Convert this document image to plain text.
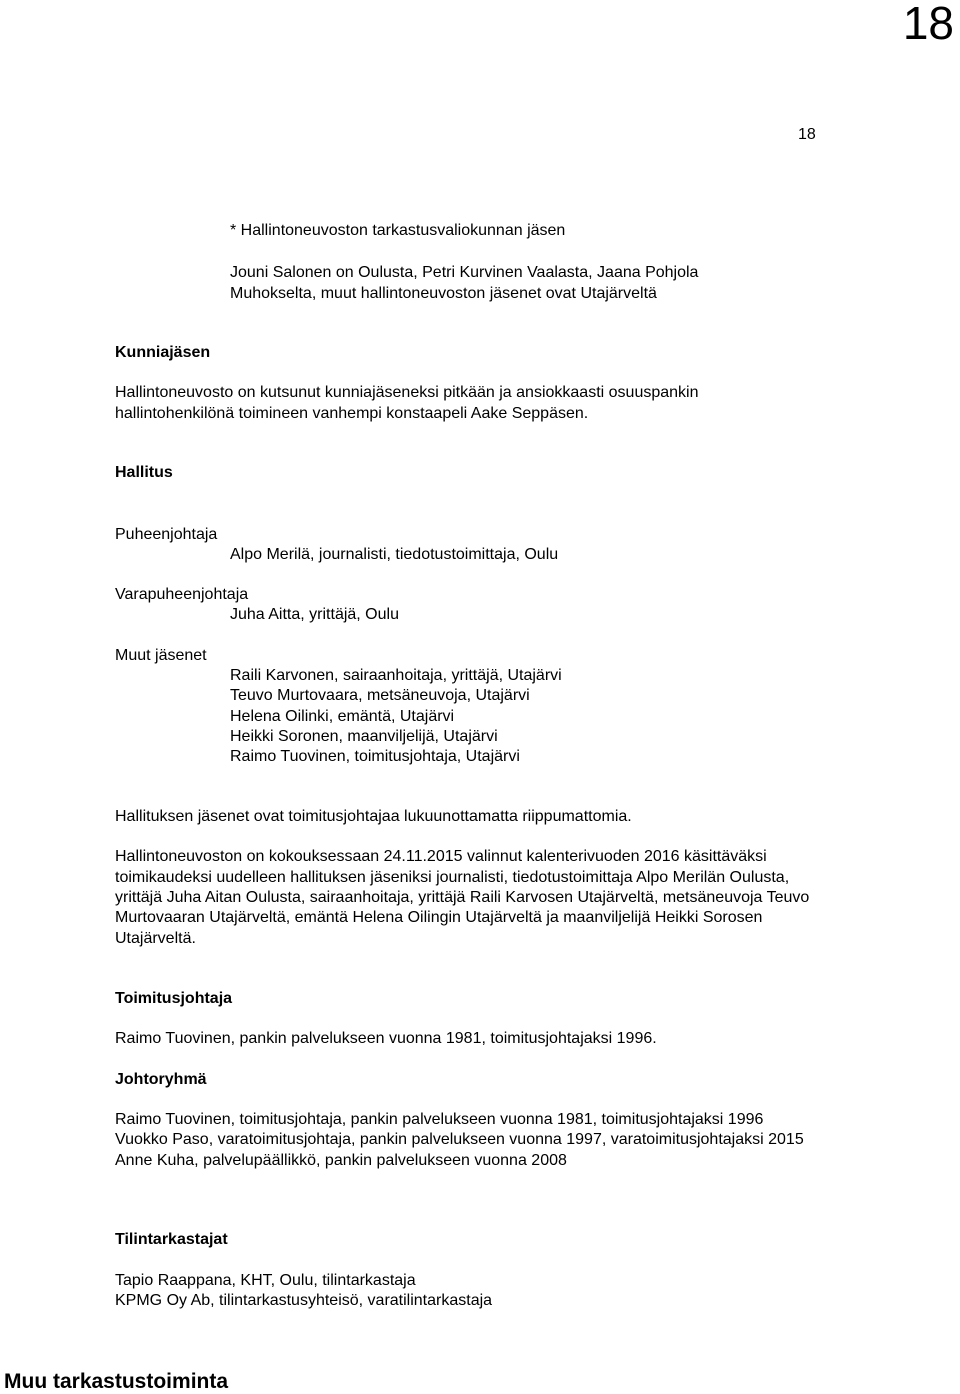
18
18
* Hallintoneuvoston tarkastusvaliokunnan jäsen
Jouni Salonen on Oulusta, Petri Kurvinen Vaalasta, Jaana Pohjola
Muhokselta, muut hallintoneuvoston jäsenet ovat Utajärveltä
Kunniajäsen
Hallintoneuvosto on kutsunut kunniajäseneksi pitkään ja ansiokkaasti osuuspankin
hallintohenkilönä toimineen vanhempi konstaapeli Aake Seppäsen.
Hallitus
Puheenjohtaja
Alpo Merilä, journalisti, tiedotustoimittaja, Oulu
Varapuheenjohtaja
Juha Aitta, yrittäjä, Oulu
Muut jäsenet
Raili Karvonen, sairaanhoitaja, yrittäjä, Utajärvi
Teuvo Murtovaara, metsäneuvoja, Utajärvi
Helena Oilinki, emäntä, Utajärvi
Heikki Soronen, maanviljelijä, Utajärvi
Raimo Tuovinen, toimitusjohtaja, Utajärvi
Hallituksen jäsenet ovat toimitusjohtajaa lukuunottamatta riippumattomia.
Hallintoneuvoston on kokouksessaan 24.11.2015 valinnut kalenterivuoden 2016 käsittäväksi
toimikaudeksi uudelleen hallituksen jäseniksi journalisti, tiedotustoimittaja Alpo Merilän Oulusta,
yrittäjä Juha Aitan Oulusta, sairaanhoitaja, yrittäjä Raili Karvosen Utajärveltä, metsäneuvoja Teuvo
Murtovaaran Utajärveltä, emäntä Helena Oilingin Utajärveltä ja maanviljelijä Heikki Sorosen
Utajärveltä.
Toimitusjohtaja
Raimo Tuovinen, pankin palvelukseen vuonna 1981, toimitusjohtajaksi 1996.
Johtoryhmä
Raimo Tuovinen, toimitusjohtaja, pankin palvelukseen vuonna 1981, toimitusjohtajaksi 1996
Vuokko Paso, varatoimitusjohtaja, pankin palvelukseen vuonna 1997, varatoimitusjohtajaksi 2015
Anne Kuha, palvelupäällikkö, pankin palvelukseen vuonna 2008
Tilintarkastajat
Tapio Raappana, KHT, Oulu, tilintarkastaja
KPMG Oy Ab, tilintarkastusyhteisö, varatilintarkastaja
Muu tarkastustoiminta
